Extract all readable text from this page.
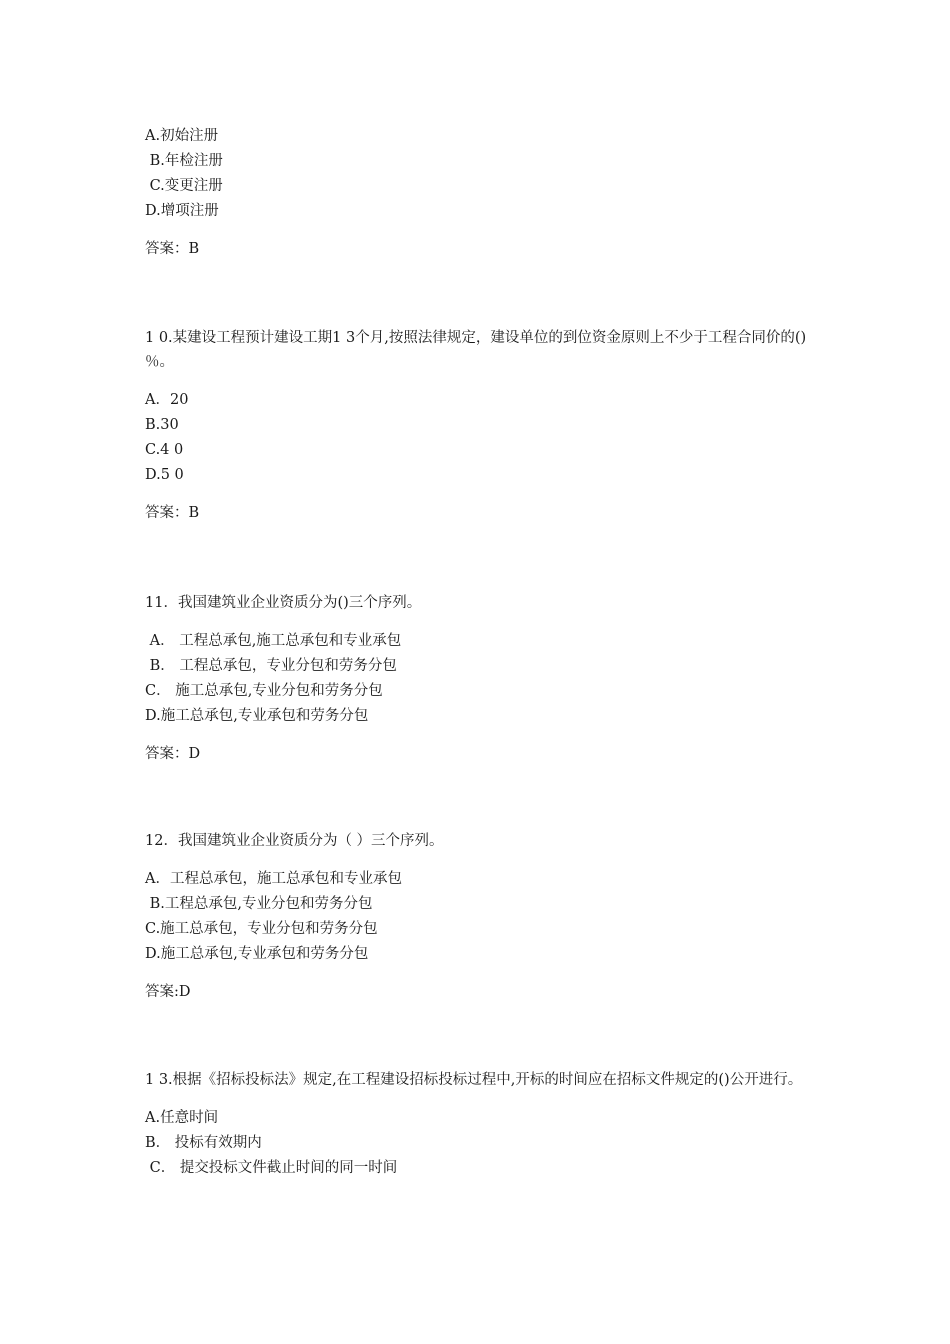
A.初始注册
B.年检注册
C.变更注册
D.增项注册
答案：B
1 0.某建设工程预计建设工期1 3个月,按照法律规定，建设单位的到位资金原则上不少于工程合同价的()％。
A．20
B.30
C.4 0
D.5 0
答案：B
11．我国建筑业企业资质分为()三个序列。
A． 工程总承包,施工总承包和专业承包
B． 工程总承包，专业分包和劳务分包
C． 施工总承包,专业分包和劳务分包
D.施工总承包,专业承包和劳务分包
答案：D
12．我国建筑业企业资质分为（ ）三个序列。
A．工程总承包，施工总承包和专业承包
B.工程总承包,专业分包和劳务分包
C.施工总承包，专业分包和劳务分包
D.施工总承包,专业承包和劳务分包
答案:D
1 3.根据《招标投标法》规定,在工程建设招标投标过程中,开标的时间应在招标文件规定的()公开进行。
A.任意时间
B． 投标有效期内
C． 提交投标文件截止时间的同一时间
